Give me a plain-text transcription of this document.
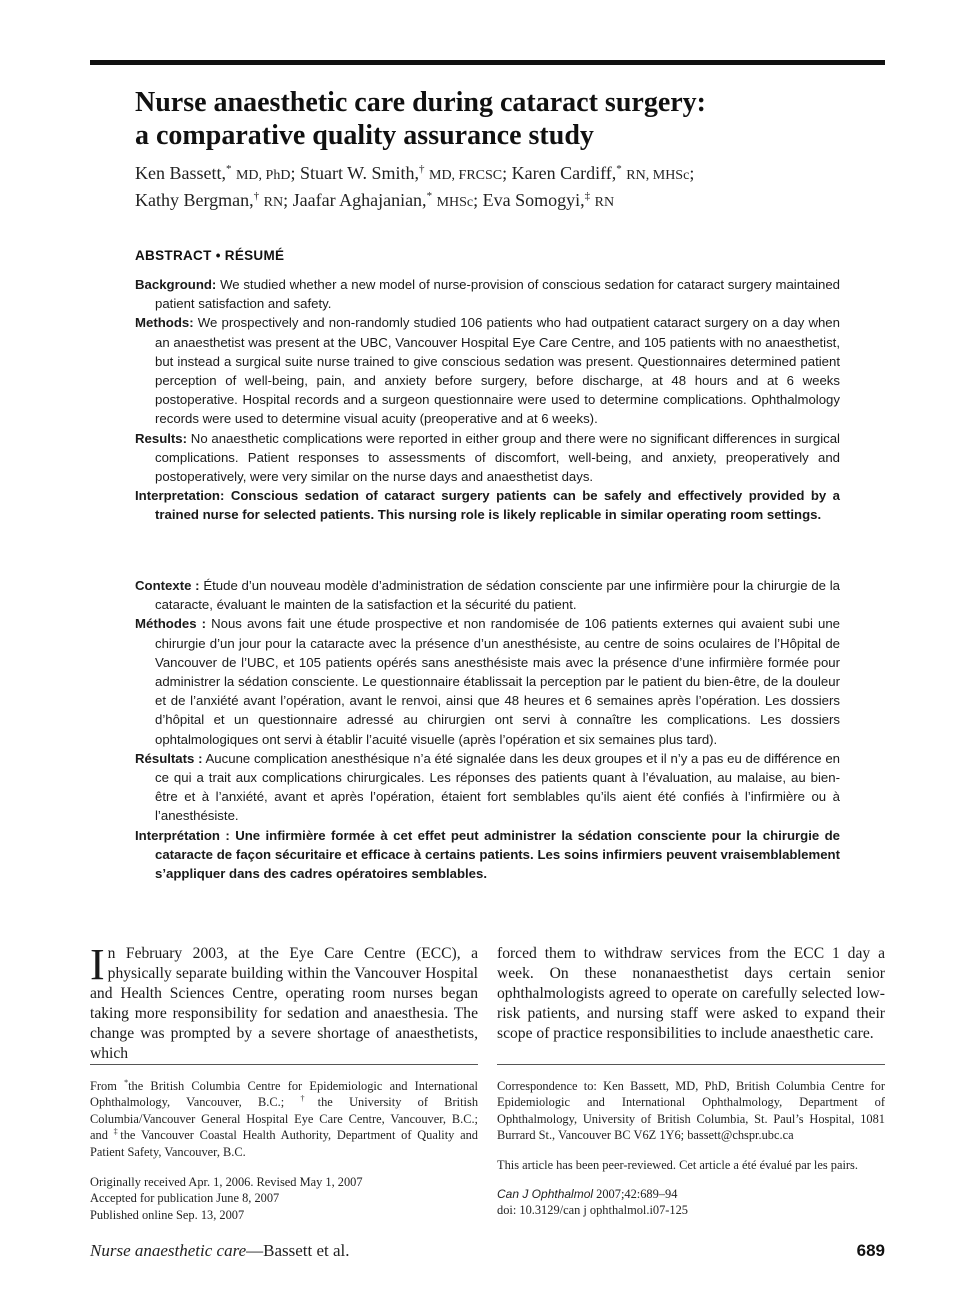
Nurse anaesthetic care during cataract surgery:
a comparative quality assurance study
Ken Bassett,* MD, PhD; Stuart W. Smith,† MD, FRCSC; Karen Cardiff,* RN, MHSc;
Kathy Bergman,† RN; Jaafar Aghajanian,* MHSc; Eva Somogyi,‡ RN
ABSTRACT • RÉSUMÉ

Background: We studied whether a new model of nurse-provision of conscious sedation for cataract surgery maintained patient satisfaction and safety.

Methods: We prospectively and non-randomly studied 106 patients who had outpatient cataract surgery on a day when an anaesthetist was present at the UBC, Vancouver Hospital Eye Care Centre, and 105 patients with no anaesthetist, but instead a surgical suite nurse trained to give conscious sedation was present. Questionnaires determined patient perception of well-being, pain, and anxiety before surgery, before discharge, at 48 hours and at 6 weeks postoperative. Hospital records and a surgeon questionnaire were used to determine complications. Ophthalmology records were used to determine visual acuity (preoperative and at 6 weeks).

Results: No anaesthetic complications were reported in either group and there were no significant differences in surgical complications. Patient responses to assessments of discomfort, well-being, and anxiety, preoperatively and postoperatively, were very similar on the nurse days and anaesthetist days.

Interpretation: Conscious sedation of cataract surgery patients can be safely and effectively provided by a trained nurse for selected patients. This nursing role is likely replicable in similar operating room settings.

Contexte : Étude d’un nouveau modèle d’administration de sédation consciente par une infirmière pour la chirurgie de la cataracte, évaluant le mainten de la satisfaction et la sécurité du patient.

Méthodes : Nous avons fait une étude prospective et non randomisée de 106 patients externes qui avaient subi une chirurgie d’un jour pour la cataracte avec la présence d’un anesthésiste, au centre de soins oculaires de l’Hôpital de Vancouver de l’UBC, et 105 patients opérés sans anesthésiste mais avec la présence d’une infirmière formée pour administrer la sédation consciente. Le questionnaire établissait la perception par le patient du bien-être, de la douleur et de l’anxiété avant l’opération, avant le renvoi, ainsi que 48 heures et 6 semaines après l’opération. Les dossiers d’hôpital et un questionnaire adressé au chirurgien ont servi à connaître les complications. Les dossiers ophtalmologiques ont servi à établir l’acuité visuelle (après l’opération et six semaines plus tard).

Résultats : Aucune complication anesthésique n’a été signalée dans les deux groupes et il n’y a pas eu de différence en ce qui a trait aux complications chirurgicales. Les réponses des patients quant à l’évaluation, au malaise, au bien-être et à l’anxiété, avant et après l’opération, étaient fort semblables qu’ils aient été confiés à l’infirmière ou à l’anesthésiste.

Interprétation : Une infirmière formée à cet effet peut administrer la sédation consciente pour la chirurgie de cataracte de façon sécuritaire et efficace à certains patients. Les soins infirmiers peuvent vraisemblablement s’appliquer dans des cadres opératoires semblables.

In February 2003, at the Eye Care Centre (ECC), a physically separate building within the Vancouver Hospital and Health Sciences Centre, operating room nurses began taking more responsibility for sedation and anaesthesia. The change was prompted by a severe shortage of anaesthetists, which

forced them to withdraw services from the ECC 1 day a week. On these nonanaesthetist days certain senior ophthalmologists agreed to operate on carefully selected low-risk patients, and nursing staff were asked to expand their scope of practice responsibilities to include anaesthetic care.

From *the British Columbia Centre for Epidemiologic and International Ophthalmology, Vancouver, B.C.; †the University of British Columbia/Vancouver General Hospital Eye Care Centre, Vancouver, B.C.; and ‡the Vancouver Coastal Health Authority, Department of Quality and Patient Safety, Vancouver, B.C.

Originally received Apr. 1, 2006. Revised May 1, 2007

Accepted for publication June 8, 2007

Published online Sep. 13, 2007

Correspondence to: Ken Bassett, MD, PhD, British Columbia Centre for Epidemiologic and International Ophthalmology, Department of Ophthalmology, University of British Columbia, St. Paul’s Hospital, 1081 Burrard St., Vancouver BC V6Z 1Y6; bassett@chspr.ubc.ca

This article has been peer-reviewed. Cet article a été évalué par les pairs.

Can J Ophthalmol 2007;42:689–94

doi: 10.3129/can j ophthalmol.i07-125

Nurse anaesthetic care—Bassett et al.	689
